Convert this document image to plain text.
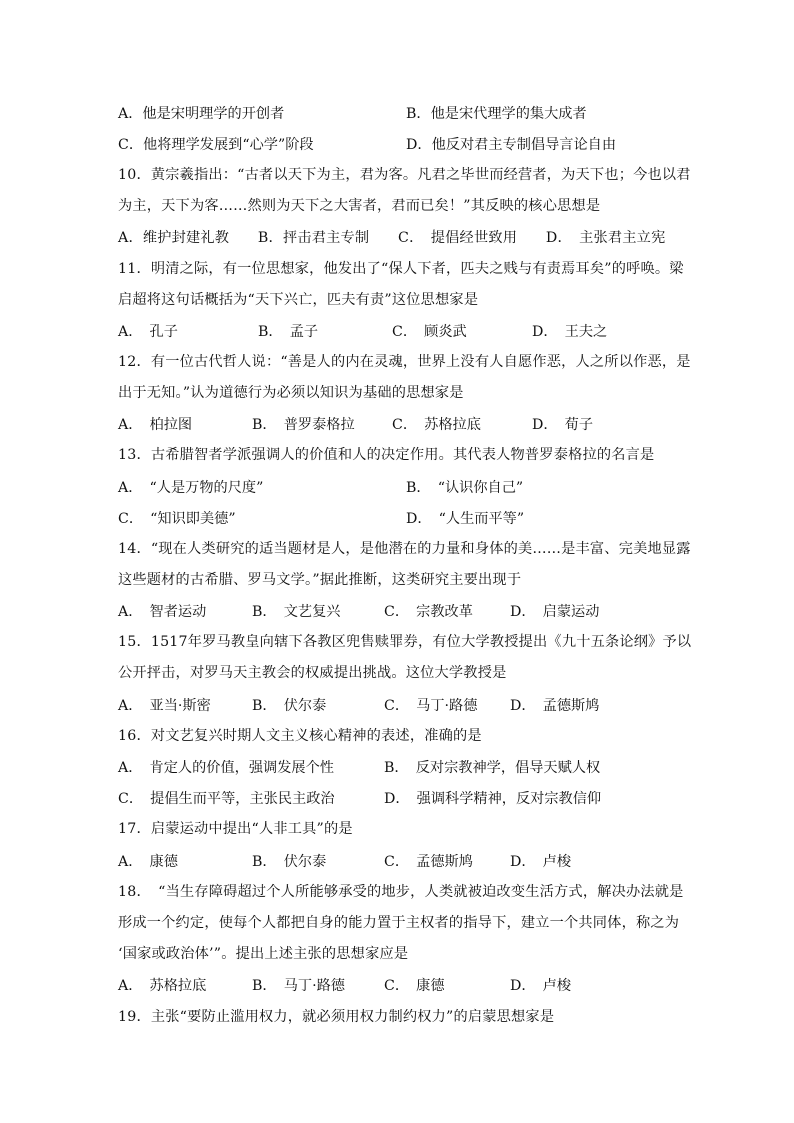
A．他是宋明理学的开创者	B．他是宋代理学的集大成者
C．他将理学发展到“心学”阶段	D．他反对君主专制倡导言论自由
10．黄宗羲指出：“古者以天下为主，君为客。凡君之毕世而经营者，为天下也；今也以君
为主，天下为客……然则为天下之大害者，君而已矣！”其反映的核心思想是
A．维护封建礼教　　B．抨击君主专制　　C．　提倡经世致用　　D．　主张君主立宪
11．明清之际，有一位思想家，他发出了“保人下者，匹夫之贱与有责焉耳矣”的呼唤。梁
启超将这句话概括为“天下兴亡，匹夫有责”这位思想家是
A．　孔子	B．　孟子	C．　顾炎武	D．　王夫之
12．有一位古代哲人说：“善是人的内在灵魂，世界上没有人自愿作恶，人之所以作恶，是
出于无知。”认为道德行为必须以知识为基础的思想家是
A．　柏拉图	B．　普罗泰格拉	C．　苏格拉底	D．　荀子
13．古希腊智者学派强调人的价值和人的决定作用。其代表人物普罗泰格拉的名言是
A．　“人是万物的尺度”	B．　“认识你自己”
C．　“知识即美德”	D．　“人生而平等”
14．“现在人类研究的适当题材是人，是他潜在的力量和身体的美……是丰富、完美地显露
这些题材的古希腊、罗马文学。”据此推断，这类研究主要出现于
A．　智者运动	B．　文艺复兴	C．　宗教改革	D．　启蒙运动
15．1517年罗马教皇向辖下各教区兜售赎罪券，有位大学教授提出《九十五条论纲》予以
公开抨击，对罗马天主教会的权威提出挑战。这位大学教授是
A．　亚当·斯密	B．　伏尔泰	C．　马丁·路德 D．　孟德斯鸠
16．对文艺复兴时期人文主义核心精神的表述，准确的是
A．　肯定人的价值，强调发展个性	B．　反对宗教神学，倡导天赋人权
C．　提倡生而平等，主张民主政治	D．　强调科学精神，反对宗教信仰
17．启蒙运动中提出“人非工具”的是
A．　康德	B．　伏尔泰	C．　孟德斯鸠	D．　卢梭
18．　“当生存障碍超过个人所能够承受的地步，人类就被迫改变生活方式，解决办法就是
形成一个约定，使每个人都把自身的能力置于主权者的指导下，建立一个共同体，称之为
‘国家或政治体’”。提出上述主张的思想家应是
A．　苏格拉底	B．　马丁·路德	C．　康德	D．　卢梭
19．主张“要防止滥用权力，就必须用权力制约权力”的启蒙思想家是
